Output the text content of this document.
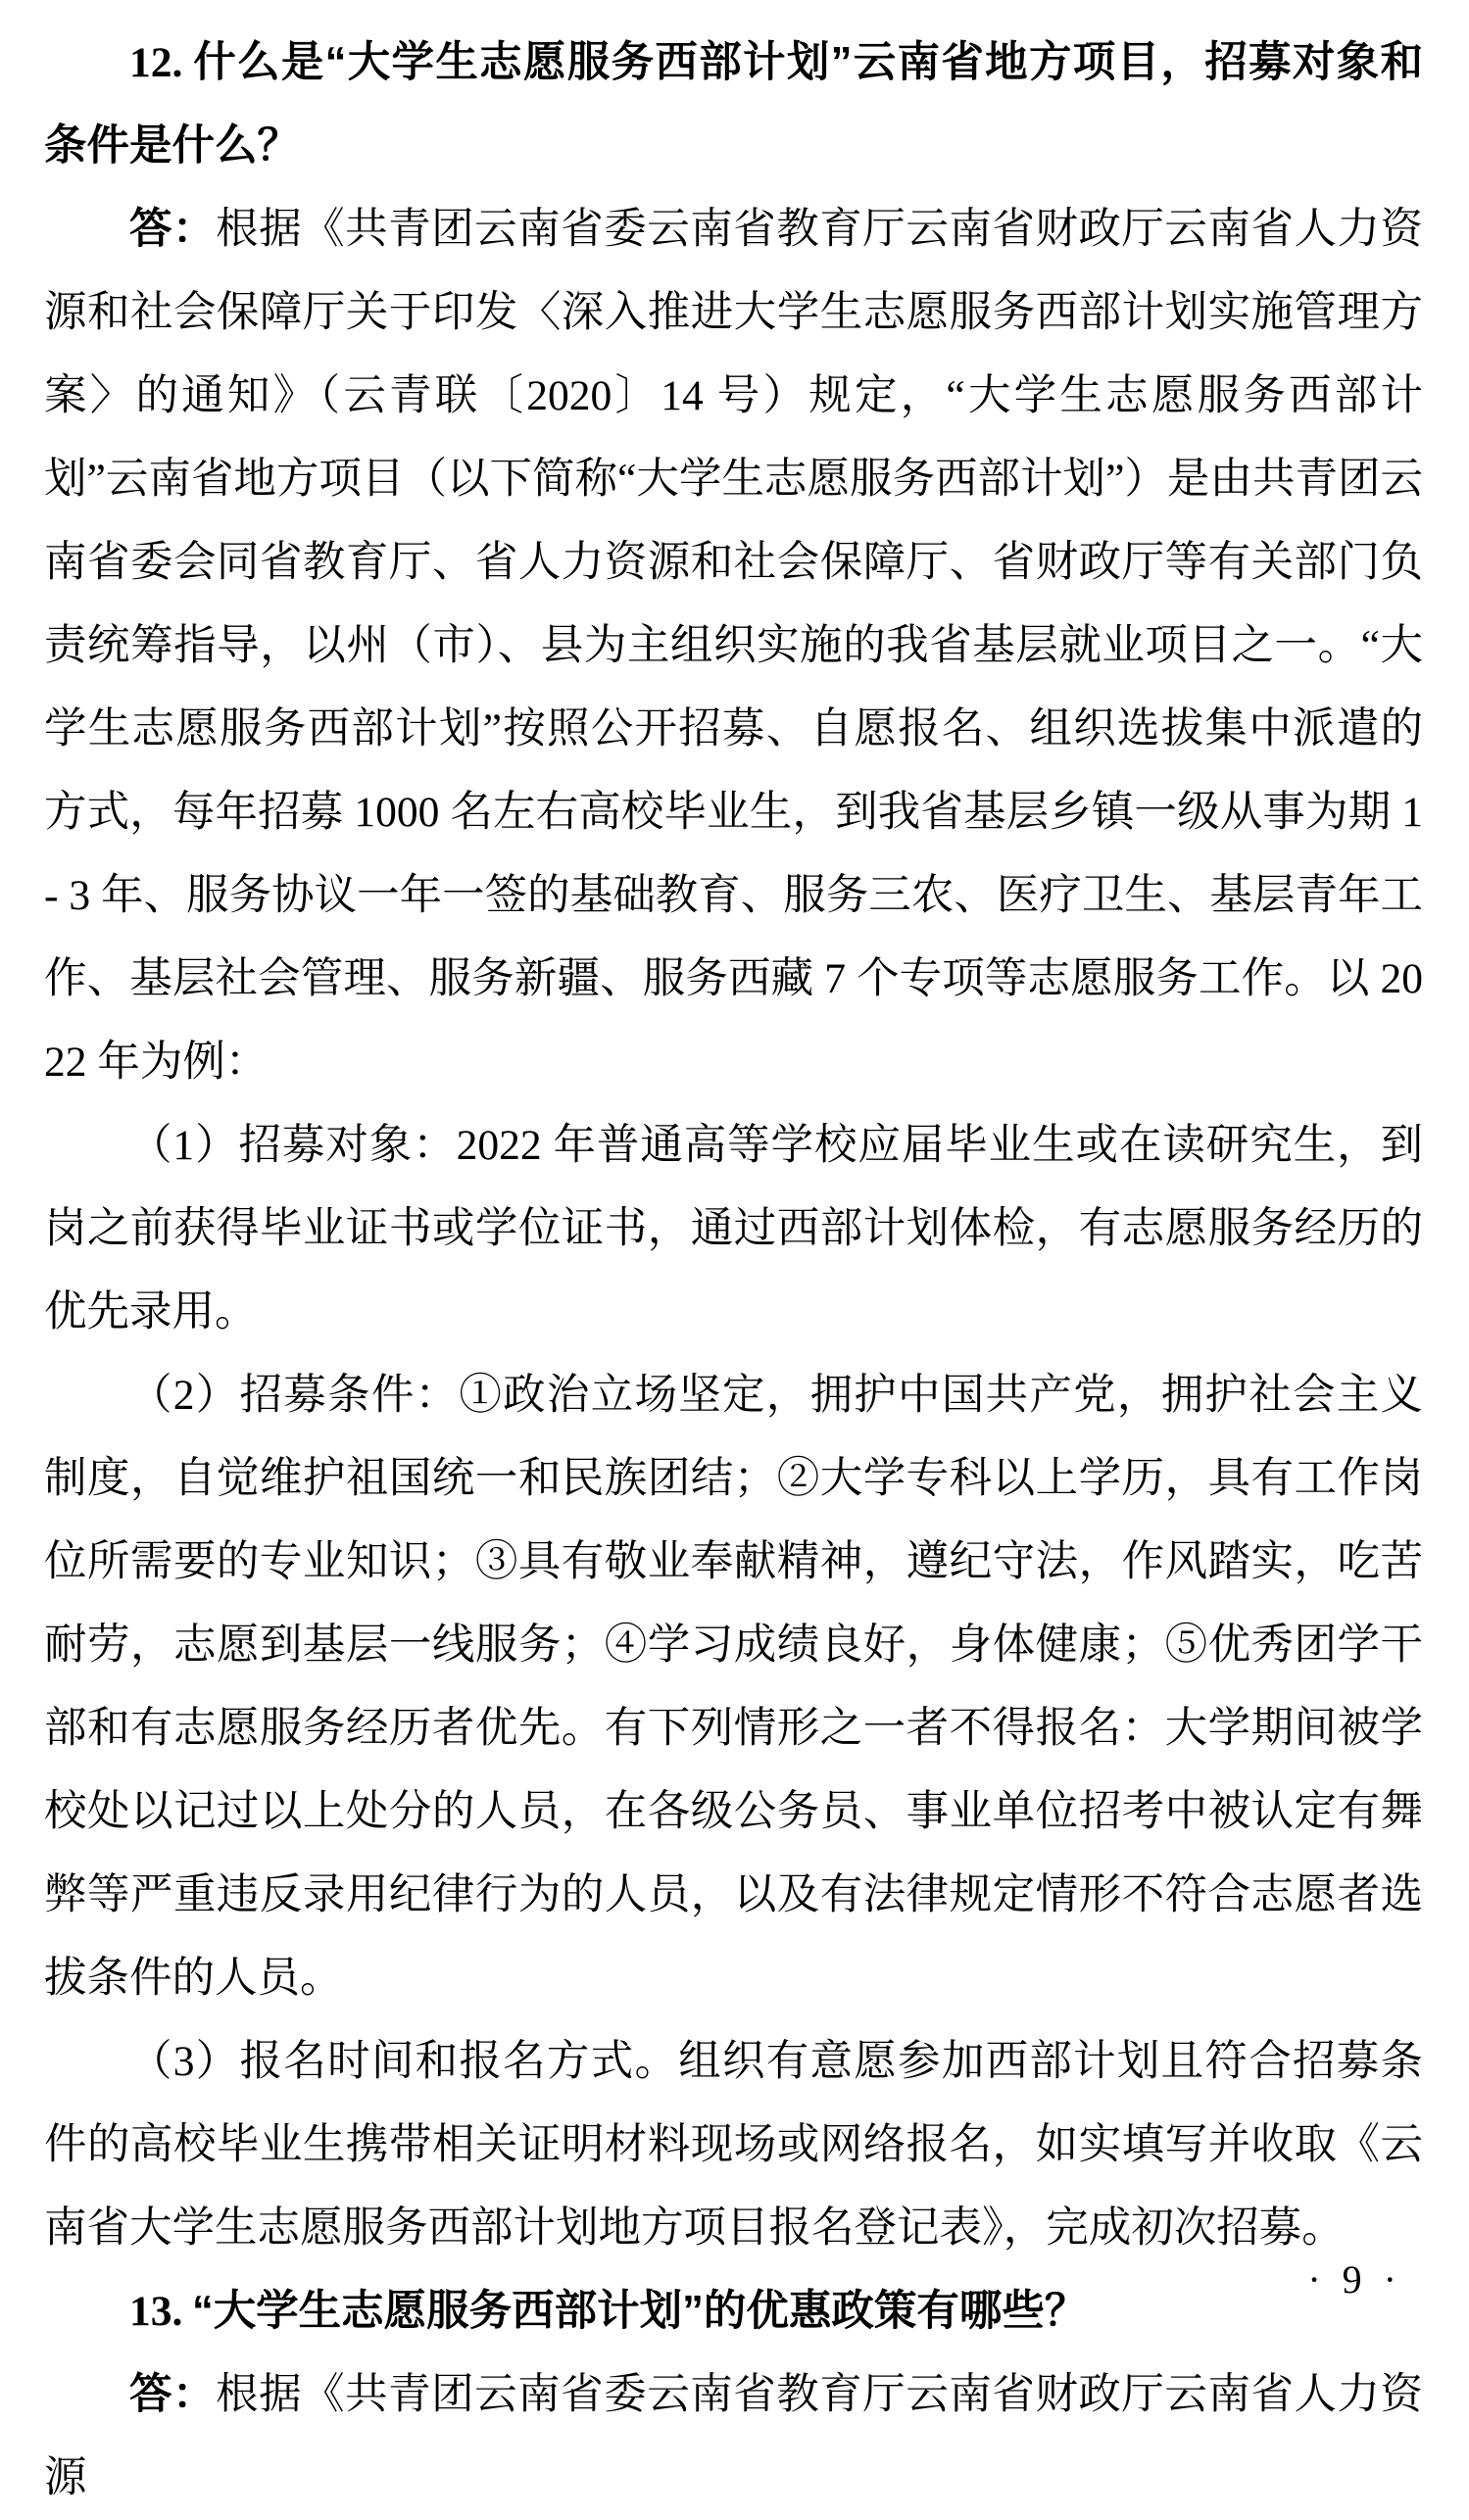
12. 什么是“大学生志愿服务西部计划”云南省地方项目，招募对象和条件是什么？

答：根据《共青团云南省委云南省教育厅云南省财政厅云南省人力资源和社会保障厅关于印发〈深入推进大学生志愿服务西部计划实施管理方案〉的通知》（云青联〔2020〕14 号）规定，“大学生志愿服务西部计划”云南省地方项目（以下简称“大学生志愿服务西部计划”）是由共青团云南省委会同省教育厅、省人力资源和社会保障厅、省财政厅等有关部门负责统筹指导，以州（市）、县为主组织实施的我省基层就业项目之一。“大学生志愿服务西部计划”按照公开招募、自愿报名、组织选拔集中派遣的方式，每年招募 1000 名左右高校毕业生，到我省基层乡镇一级从事为期 1 - 3 年、服务协议一年一签的基础教育、服务三农、医疗卫生、基层青年工作、基层社会管理、服务新疆、服务西藏 7 个专项等志愿服务工作。以 2022 年为例：

（1）招募对象：2022 年普通高等学校应届毕业生或在读研究生，到岗之前获得毕业证书或学位证书，通过西部计划体检，有志愿服务经历的优先录用。

（2）招募条件：①政治立场坚定，拥护中国共产党，拥护社会主义制度，自觉维护祖国统一和民族团结；②大学专科以上学历，具有工作岗位所需要的专业知识；③具有敬业奉献精神，遵纪守法，作风踏实，吃苦耐劳，志愿到基层一线服务；④学习成绩良好，身体健康；⑤优秀团学干部和有志愿服务经历者优先。有下列情形之一者不得报名：大学期间被学校处以记过以上处分的人员，在各级公务员、事业单位招考中被认定有舞弊等严重违反录用纪律行为的人员，以及有法律规定情形不符合志愿者选拔条件的人员。

（3）报名时间和报名方式。组织有意愿参加西部计划且符合招募条件的高校毕业生携带相关证明材料现场或网络报名，如实填写并收取《云南省大学生志愿服务西部计划地方项目报名登记表》，完成初次招募。

13. “大学生志愿服务西部计划”的优惠政策有哪些？

答：根据《共青团云南省委云南省教育厅云南省财政厅云南省人力资源

· 9 ·
